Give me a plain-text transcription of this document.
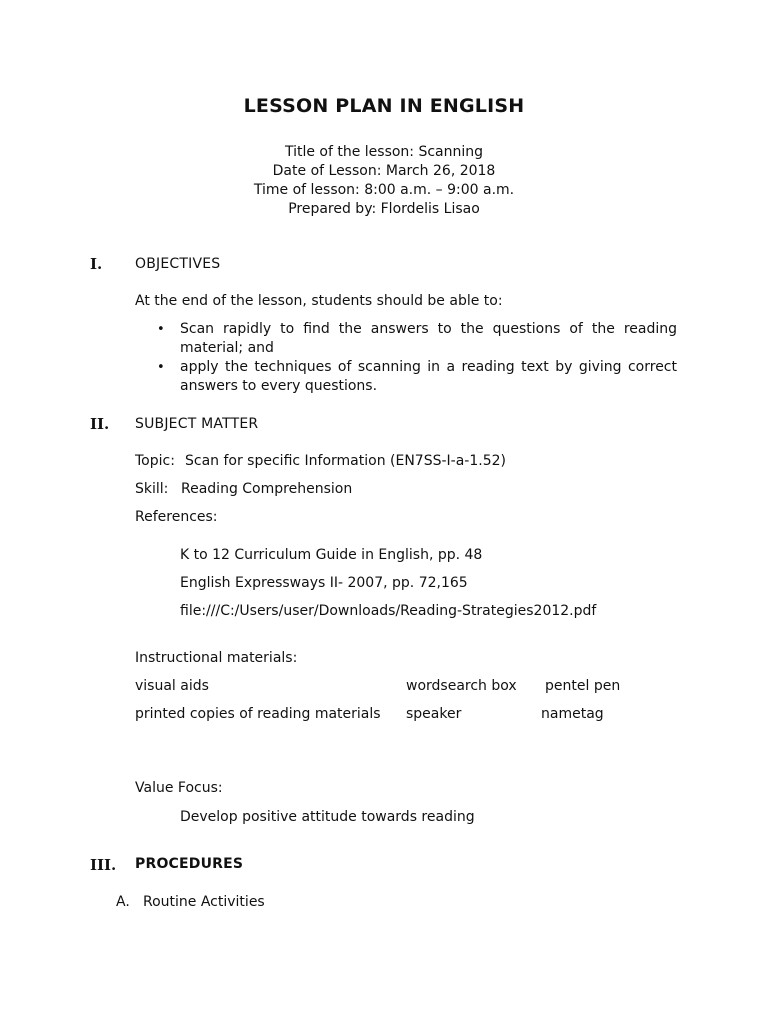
LESSON PLAN IN ENGLISH
Title of the lesson: Scanning
Date of Lesson: March 26, 2018
Time of lesson: 8:00 a.m. – 9:00 a.m.
Prepared by: Flordelis Lisao
I. OBJECTIVES
At the end of the lesson, students should be able to:
• Scan rapidly to find the answers to the questions of the reading material; and
• apply the techniques of scanning in a reading text by giving correct answers to every questions.
II. SUBJECT MATTER
Topic: Scan for specific Information (EN7SS-I-a-1.52)
Skill: Reading Comprehension
References:
K to 12 Curriculum Guide in English, pp. 48
English Expressways II- 2007, pp. 72,165
file:///C:/Users/user/Downloads/Reading-Strategies2012.pdf
Instructional materials:
visual aids	wordsearch box pentel pen
printed copies of reading materials speaker	nametag
Value Focus:
Develop positive attitude towards reading
III. PROCEDURES
A. Routine Activities
